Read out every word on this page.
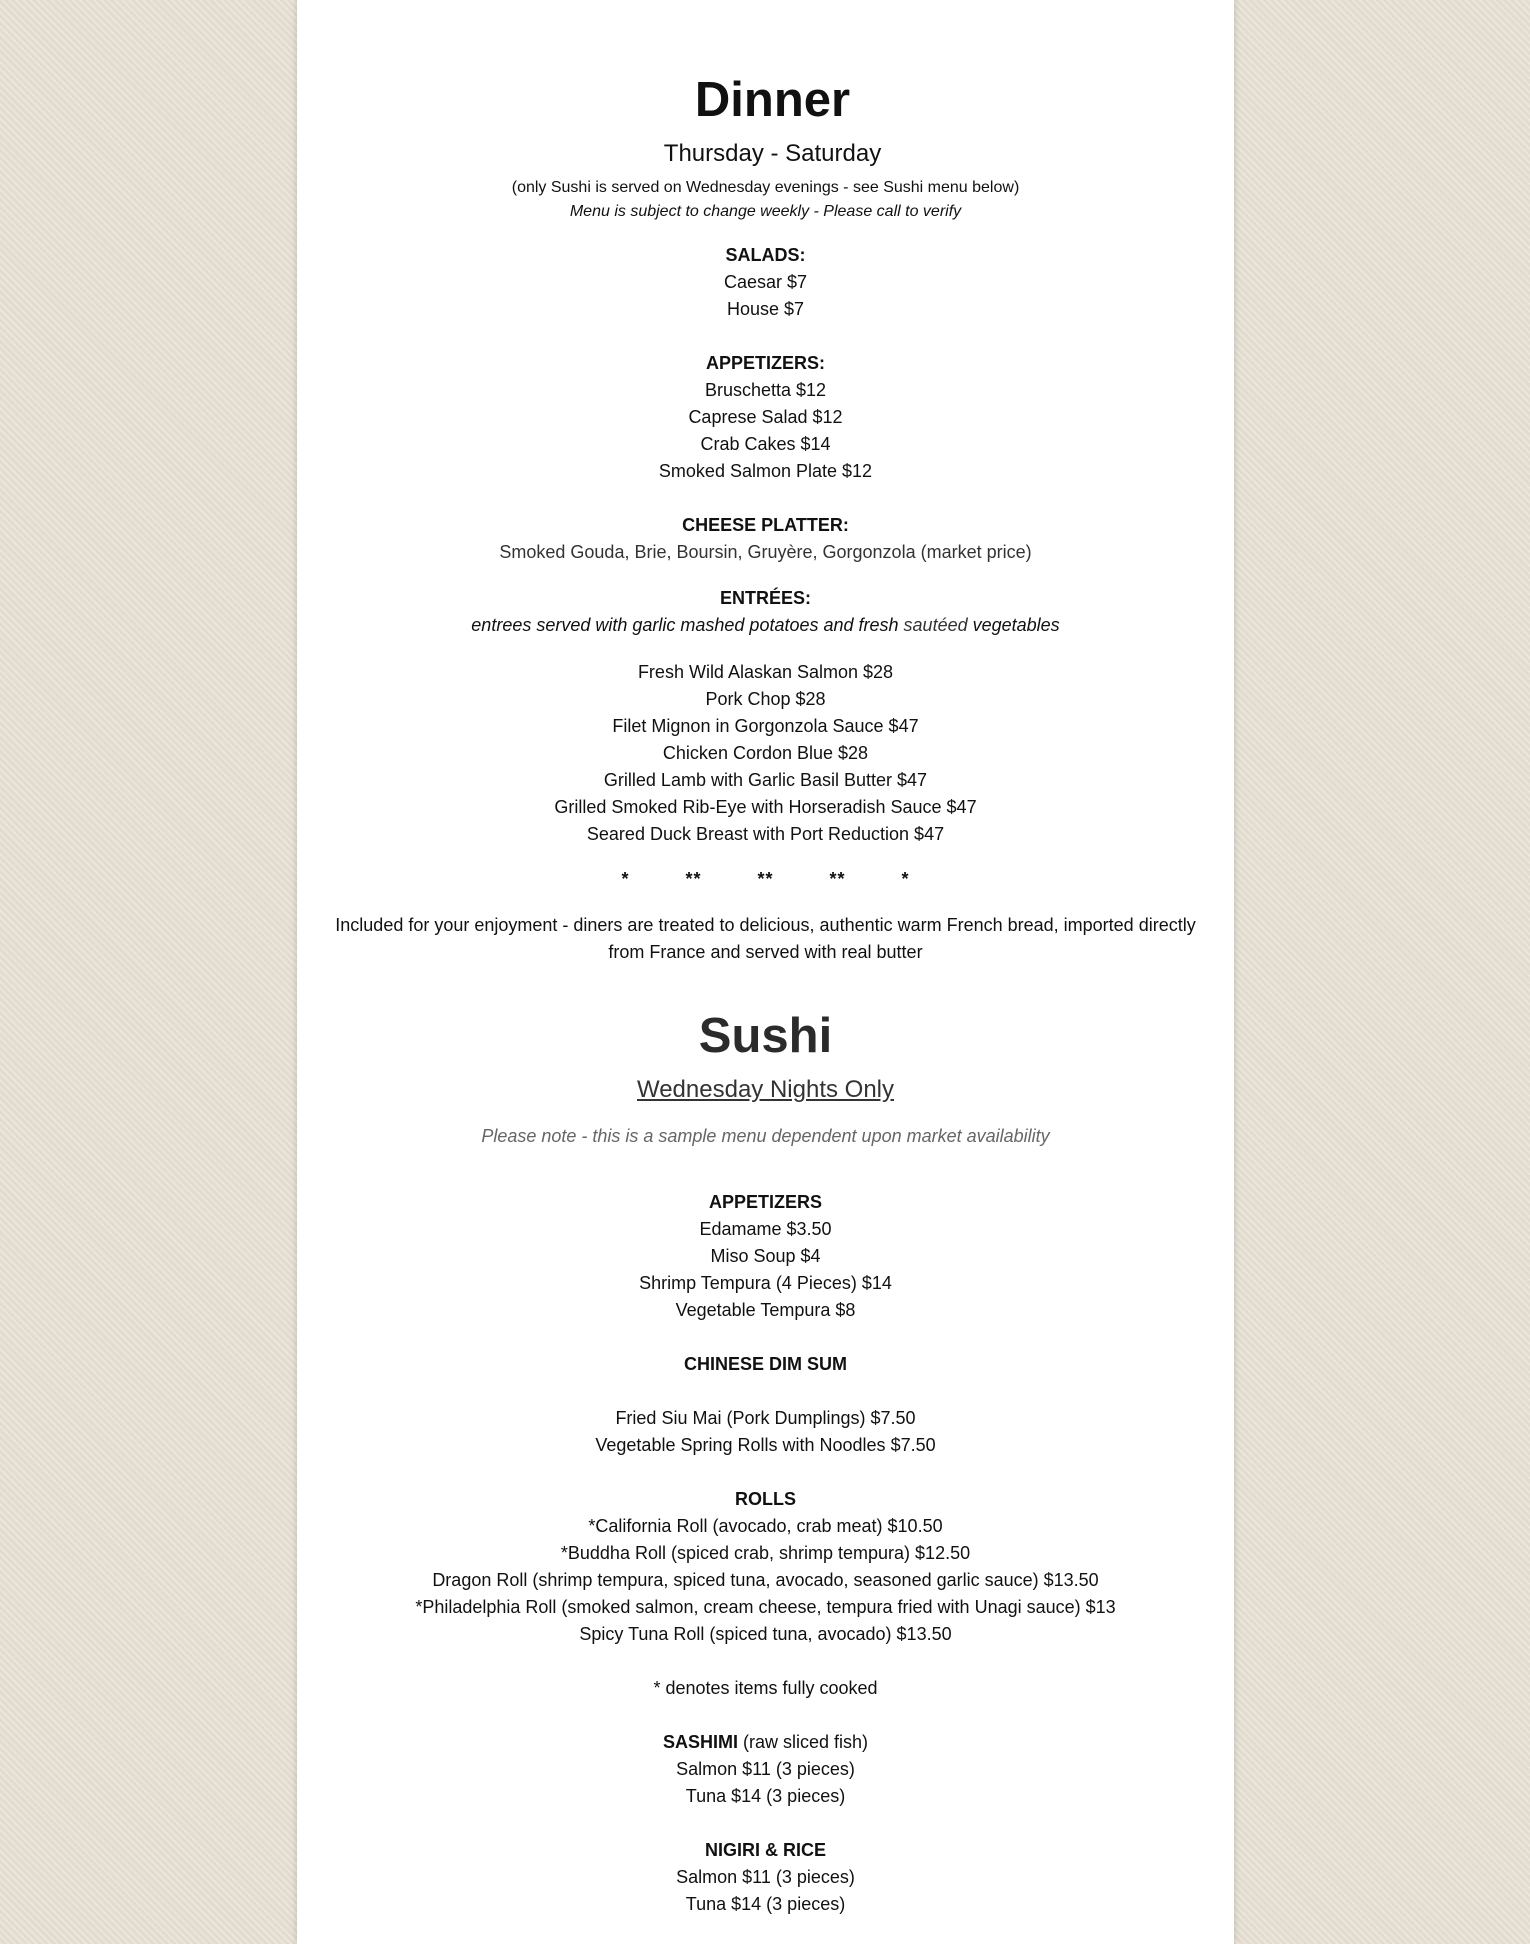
Dinner
Thursday - Saturday
(only Sushi is served on Wednesday evenings - see Sushi menu below)
Menu is subject to change weekly - Please call to verify
SALADS:
Caesar $7
House $7
APPETIZERS:
Bruschetta $12
Caprese Salad $12
Crab Cakes $14
Smoked Salmon Plate $12
CHEESE PLATTER:
Smoked Gouda, Brie, Boursin, Gruyère, Gorgonzola (market price)
ENTRÉES:
entrees served with garlic mashed potatoes and fresh sautéed vegetables
Fresh Wild Alaskan Salmon $28
Pork Chop $28
Filet Mignon in Gorgonzola Sauce $47
Chicken Cordon Blue $28
Grilled Lamb with Garlic Basil Butter $47
Grilled Smoked Rib-Eye with Horseradish Sauce $47
Seared Duck Breast with Port Reduction $47
* ** ** ** *
Included for your enjoyment - diners are treated to delicious, authentic warm French bread, imported directly from France and served with real butter
Sushi
Wednesday Nights Only
Please note - this is a sample menu dependent upon market availability
APPETIZERS
Edamame $3.50
Miso Soup $4
Shrimp Tempura (4 Pieces) $14
Vegetable Tempura $8
CHINESE DIM SUM
Fried Siu Mai (Pork Dumplings) $7.50
Vegetable Spring Rolls with Noodles $7.50
ROLLS
*California Roll (avocado, crab meat) $10.50
*Buddha Roll (spiced crab, shrimp tempura) $12.50
Dragon Roll (shrimp tempura, spiced tuna, avocado, seasoned garlic sauce) $13.50
*Philadelphia Roll (smoked salmon, cream cheese, tempura fried with Unagi sauce) $13
Spicy Tuna Roll (spiced tuna, avocado) $13.50
* denotes items fully cooked
SASHIMI (raw sliced fish)
Salmon $11 (3 pieces)
Tuna $14 (3 pieces)
NIGIRI & RICE
Salmon $11 (3 pieces)
Tuna $14 (3 pieces)
